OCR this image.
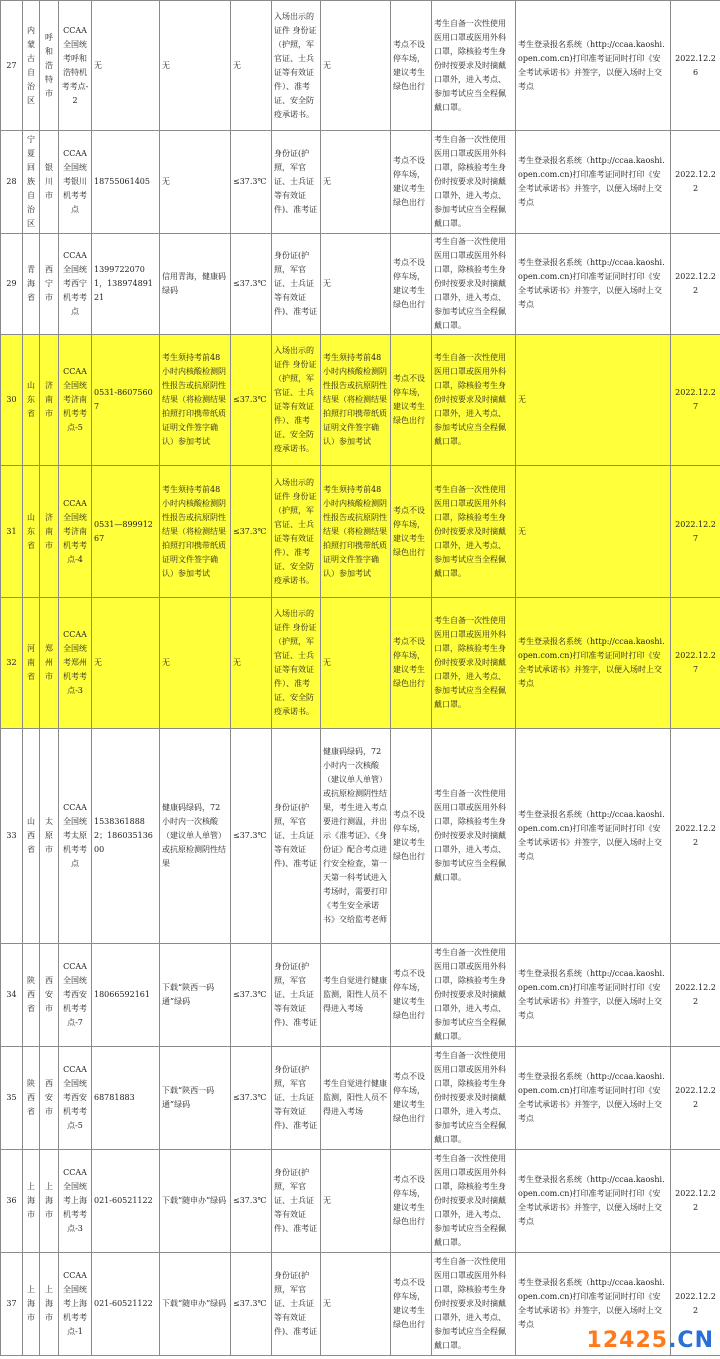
27	内蒙古自治区	呼和浩特市	CCAA全国统考呼和浩特机考考点-2	无	无	无	入场出示的证件 身份证（护照，军官证、士兵证等有效证件）、准考证、安全防疫承诺书。	无	考点不设停车场，建议考生绿色出行	考生自备一次性使用医用口罩或医用外科口罩，除核验考生身份时按要求及时摘戴口罩外，进入考点、参加考试应当全程佩戴口罩。	考生登录报名系统（http://ccaa.kaoshi.open.com.cn)打印准考证同时打印《安全考试承诺书》并签字，以便入场时上交考点	2022.12.26
28	宁夏回族自治区	银川市	CCAA全国统考银川机考考点	18755061405	无	≤37.3℃	身份证(护照，军官证、士兵证等有效证件)、准考证	无	考点不设停车场，建议考生绿色出行	考生自备一次性使用医用口罩或医用外科口罩，除核验考生身份时按要求及时摘戴口罩外，进入考点、参加考试应当全程佩戴口罩。	考生登录报名系统（http://ccaa.kaoshi.open.com.cn)打印准考证同时打印《安全考试承诺书》并签字，以便入场时上交考点	2022.12.22
29	青海省	西宁市	CCAA全国统考西宁机考考点	13997220701，13897489121	信用青海，健康码绿码	≤37.3℃	身份证(护照，军官证、士兵证等有效证件)、准考证	无	考点不设停车场，建议考生绿色出行	考生自备一次性使用医用口罩或医用外科口罩，除核验考生身份时按要求及时摘戴口罩外，进入考点、参加考试应当全程佩戴口罩。	考生登录报名系统（http://ccaa.kaoshi.open.com.cn)打印准考证同时打印《安全考试承诺书》并签字，以便入场时上交考点	2022.12.22
30	山东省	济南市	CCAA全国统考济南机考考点-5	0531-86075607	考生须持考前48小时内核酸检测阴性报告或抗原阴性结果（将检测结果拍照打印携带纸质证明文件签字确认）参加考试	≤37.3℃	入场出示的证件 身份证（护照，军官证、士兵证等有效证件）、准考证、安全防疫承诺书。	考生须持考前48小时内核酸检测阴性报告或抗原阴性结果（将检测结果拍照打印携带纸质证明文件签字确认）参加考试	考点不设停车场，建议考生绿色出行	考生自备一次性使用医用口罩或医用外科口罩，除核验考生身份时按要求及时摘戴口罩外，进入考点、参加考试应当全程佩戴口罩。	无	2022.12.27
31	山东省	济南市	CCAA全国统考济南机考考点-4	0531—89991267	考生须持考前48小时内核酸检测阴性报告或抗原阴性结果（将检测结果拍照打印携带纸质证明文件签字确认）参加考试	≤37.3℃	入场出示的证件 身份证（护照，军官证、士兵证等有效证件）、准考证、安全防疫承诺书。	考生须持考前48小时内核酸检测阴性报告或抗原阴性结果（将检测结果拍照打印携带纸质证明文件签字确认）参加考试	考点不设停车场，建议考生绿色出行	考生自备一次性使用医用口罩或医用外科口罩，除核验考生身份时按要求及时摘戴口罩外，进入考点、参加考试应当全程佩戴口罩。	无	2022.12.27
32	河南省	郑州市	CCAA全国统考郑州机考考点-3	无	无	无	入场出示的证件 身份证（护照，军官证、士兵证等有效证件）、准考证、安全防疫承诺书。	无	考点不设停车场，建议考生绿色出行	考生自备一次性使用医用口罩或医用外科口罩，除核验考生身份时按要求及时摘戴口罩外，进入考点、参加考试应当全程佩戴口罩。	考生登录报名系统（http://ccaa.kaoshi.open.com.cn)打印准考证同时打印《安全考试承诺书》并签字，以便入场时上交考点	2022.12.27
33	山西省	太原市	CCAA全国统考太原机考考点	15383618882；18603513600	健康码绿码，72小时内一次核酸（建议单人单管）或抗原检测阴性结果	≤37.3℃	身份证(护照，军官证、士兵证等有效证件)、准考证	健康码绿码，72小时内一次核酸（建议单人单管）或抗原检测阴性结果，考生进入考点要进行测温，并出示《准考证》、《身份证》配合考点进行安全检查，第一天第一科考试进入考场时，需要打印《考生安全承诺书》交给监考老师	考点不设停车场，建议考生绿色出行	考生自备一次性使用医用口罩或医用外科口罩，除核验考生身份时按要求及时摘戴口罩外，进入考点、参加考试应当全程佩戴口罩。	考生登录报名系统（http://ccaa.kaoshi.open.com.cn)打印准考证同时打印《安全考试承诺书》并签字，以便入场时上交考点	2022.12.22
34	陕西省	西安市	CCAA全国统考西安机考考点-7	18066592161	下载“陕西一码通”绿码	≤37.3℃	身份证(护照，军官证、士兵证等有效证件)、准考证	考生自觉进行健康监测，阳性人员不得进入考场	考点不设停车场，建议考生绿色出行	考生自备一次性使用医用口罩或医用外科口罩，除核验考生身份时按要求及时摘戴口罩外，进入考点、参加考试应当全程佩戴口罩。	考生登录报名系统（http://ccaa.kaoshi.open.com.cn)打印准考证同时打印《安全考试承诺书》并签字，以便入场时上交考点	2022.12.22
35	陕西省	西安市	CCAA全国统考西安机考考点-5	68781883	下载“陕西一码通”绿码	≤37.3℃	身份证(护照，军官证、士兵证等有效证件)、准考证	考生自觉进行健康监测，阳性人员不得进入考场	考点不设停车场，建议考生绿色出行	考生自备一次性使用医用口罩或医用外科口罩，除核验考生身份时按要求及时摘戴口罩外，进入考点、参加考试应当全程佩戴口罩。	考生登录报名系统（http://ccaa.kaoshi.open.com.cn)打印准考证同时打印《安全考试承诺书》并签字，以便入场时上交考点	2022.12.22
36	上海市	上海市	CCAA全国统考上海机考考点-3	021-60521122	下载“随申办”绿码	≤37.3℃	身份证(护照，军官证、士兵证等有效证件)、准考证	无	考点不设停车场，建议考生绿色出行	考生自备一次性使用医用口罩或医用外科口罩，除核验考生身份时按要求及时摘戴口罩外，进入考点、参加考试应当全程佩戴口罩。	考生登录报名系统（http://ccaa.kaoshi.open.com.cn)打印准考证同时打印《安全考试承诺书》并签字，以便入场时上交考点	2022.12.22
37	上海市	上海市	CCAA全国统考上海机考考点-1	021-60521122	下载“随申办”绿码	≤37.3℃	身份证(护照，军官证、士兵证等有效证件)、准考证	无	考点不设停车场，建议考生绿色出行	考生自备一次性使用医用口罩或医用外科口罩，除核验考生身份时按要求及时摘戴口罩外，进入考点、参加考试应当全程佩戴口罩。	考生登录报名系统（http://ccaa.kaoshi.open.com.cn)打印准考证同时打印《安全考试承诺书》并签字，以便入场时上交考点	2022.12.22
12425.CN
